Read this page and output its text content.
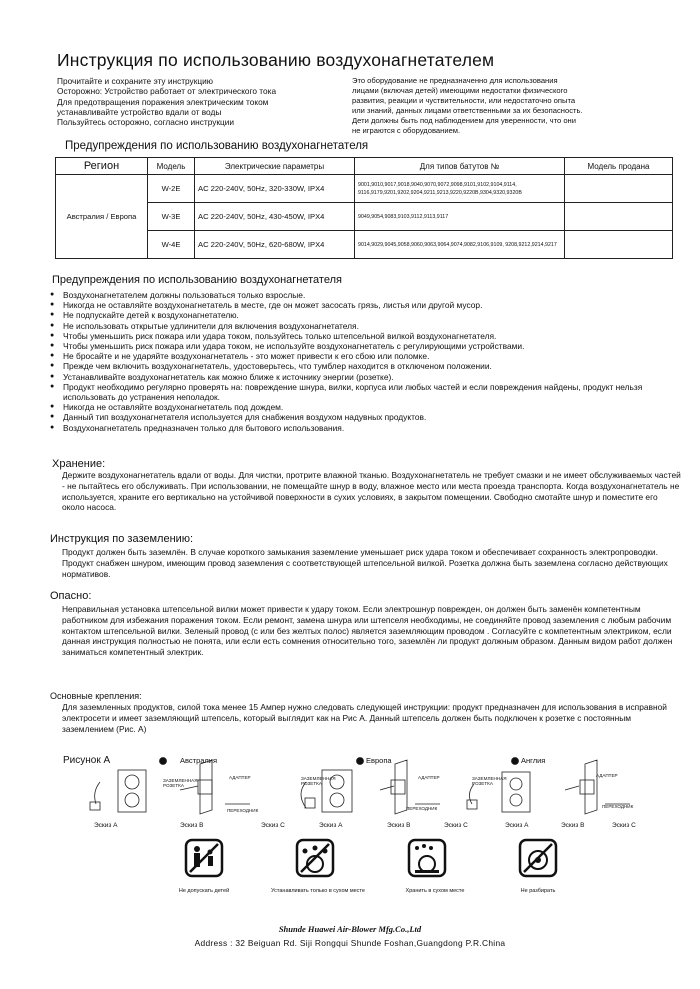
Инструкция по использованию воздухонагнетателем
Прочитайте и сохраните эту инструкцию
Осторожно: Устройство работает от электрического тока
Для предотвращения поражения электрическим током
устанавливайте устройство вдали от воды
Пользуйтесь осторожно, согласно инструкции
Это оборудование не предназначенно для использования
лицами (включая детей) имеющими недостатки физического
развития, реакции и чуствительности, или недостаточно опыта
или знаний, данных лицами ответственными за их безопасность.
Дети должны быть под наблюдением для уверенности, что они
не играются с оборудованием.
Предупреждения по использованию воздухонагнетателя
Регион	Модель	Электрические параметры	Для типов батутов №	Модель продана
Австралия / Европа	W-2E	AC 220-240V, 50Hz, 320-330W, IPX4	9001,9010,9017,9018,9040,9070,9072,9098,9101,9102,9104,9114, 9116,9179,9201,9202,9204,9211,9213,9220,9220B,9304,9320,9320B	
	W-3E	AC 220-240V, 50Hz, 430-450W, IPX4	9049,9054,9083,9103,9112,9113,9117	
	W-4E	AC 220-240V, 50Hz, 620-680W, IPX4	9014,9029,9045,9058,9060,9063,9064,9074,9082,9106,9109, 9208,9212,9214,9217	
Предупреждения по использованию воздухонагнетателя
● Воздухонагнетателем должны пользоваться только взрослые.
● Никогда не оставляйте воздухонагнетатель в месте, где он может засосать грязь, листья или другой мусор.
● Не подпускайте детей к воздухонагнетателю.
● Не использовать открытые удлинители для включения воздухонагнетателя.
● Чтобы уменьшить риск пожара или удара током, пользуйтесь только штепсельной вилкой воздухонагнетателя.
● Чтобы уменьшить риск пожара или удара током, не используйте воздухонагнетатель с регулирующими устройствами.
● Не бросайте и не ударяйте воздухонагнетатель - это может привести к его сбою или поломке.
● Прежде чем включить воздухонагнетатель, удостоверьтесь, что тумблер находится в отключеном положении.
● Устанавливайте воздухонагнетатель как можно ближе к источнику энергии (розетке).
● Продукт необходимо регулярно проверять на: повреждение шнура, вилки, корпуса или любых частей и если повреждения найдены, продукт нельзя использовать до устранения неполадок.
● Никогда не оставляйте воздухонагнетатель под дождем.
● Данный тип воздухонагнетателя используется для снабжения воздухом надувных продуктов.
● Воздухонагнетатель предназначен только для бытового использования.
Хранение:
Держите воздухонагнетатель вдали от воды. Для чистки, протрите влажной тканью. Воздухонагнетатель не требует смазки и не имеет обслуживаемых частей - не пытайтесь его обслуживать. При использовании, не помещайте шнур в воду, влажное место или места проезда транспорта. Когда воздухонагнетатель не используется, храните его вертикально на устойчивой поверхности в сухих условиях, в закрытом помещении. Свободно смотайте шнур и поместите его около насоса.
Инструкция по заземлению:
Продукт должен быть заземлён. В случае короткого замыкания заземление уменьшает риск удара током и обеспечивает сохранность электропроводки. Продукт снабжен шнуром, имеющим провод заземления с соответствующей штепсельной вилкой. Розетка должна быть заземлена согласно действующих нормативов.
Опасно:
Неправильная установка штепсельной вилки может привести к удару током. Если электрошнур поврежден, он должен быть заменён компетентным работником для избежания поражения током. Если ремонт, замена шнура или штепселя необходимы, не соединяйте провод заземления с любым рабочим контактом штепсельной вилки. Зеленый провод (с или без желтых полос) является заземляющим проводом . Согласуйте с компетентным электриком, если данная инструкция полностью не понята, или если есть сомнения относительно того, заземлён ли продукт должным образом. Данным видом работ должен заниматься компетентный электрик.
Основные крепления:
Для заземленных продуктов, силой тока менее 15 Ампер нужно следовать следующей инструкции: продукт предназначен для использования в исправной электросети и имеет заземляющий штепсель, который выглядит как на Рис А. Данный штепсель должен быть подключен к розетке с постоянным заземлением (Рис. А)
Рисунок А	Австралия	Европа	Англия
ЗАЗЕМЛЕННАЯ РОЗЕТКА
АДАПТЕР
ПЕРЕХОДНИК
ЗАЗЕМЛЕННАЯ РОЗЕТКА
АДАПТЕР
ПЕРЕХОДНИК
ЗАЗЕМЛЕННАЯ РОЗЕТКА
АДАПТЕР
ПЕРЕХОДНИК
Эскиз A	Эскиз B	Эскиз C	Эскиз A	Эскиз B	Эскиз C	Эскиз A	Эскиз B	Эскиз C
Не допускать детей	Устанавливать только в сухом месте	Хранить в сухом месте	Не разбирать
Shunde Huawei Air-Blower Mfg.Co.,Ltd
Address : 32 Beiguan Rd. Siji Rongqui Shunde Foshan,Guangdong P.R.China
